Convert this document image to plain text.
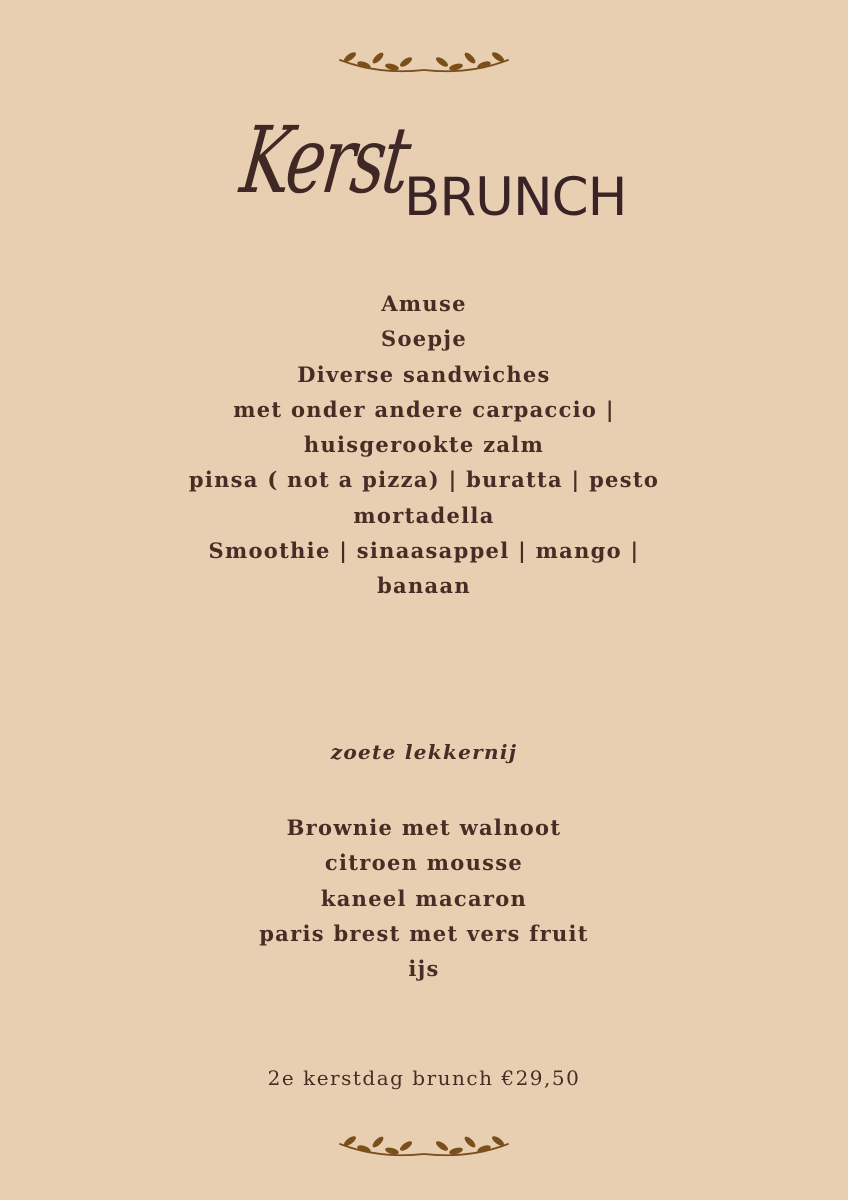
Kerst
BRUNCH
Amuse
Soepje
Diverse sandwiches
met onder andere carpaccio |
huisgerookte zalm
pinsa ( not a pizza) | buratta | pesto
mortadella
Smoothie | sinaasappel | mango |
banaan
zoete lekkernij
Brownie met walnoot
citroen mousse
kaneel macaron
paris brest met vers fruit
ijs
2e kerstdag brunch €29,50
